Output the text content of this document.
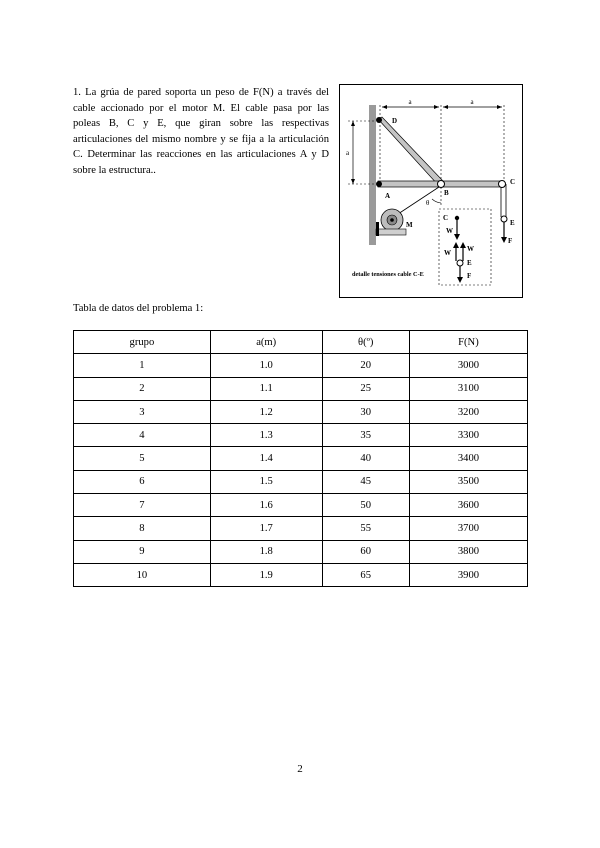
1. La grúa de pared soporta un peso de F(N) a través del cable accionado por el motor M. El cable pasa por las poleas B, C y E, que giran sobre las respectivas articulaciones del mismo nombre y se fija a la articulación C. Determinar las reacciones en las articulaciones A y D sobre la estructura..
a	a
a
D
A	B
C
E
F
θ
M
C
W
W W
E
F
detalle tensiones cable C-E
Tabla de datos del problema 1:
grupo	a(m)	θ(º)	F(N)
1	1.0	20	3000
2	1.1	25	3100
3	1.2	30	3200
4	1.3	35	3300
5	1.4	40	3400
6	1.5	45	3500
7	1.6	50	3600
8	1.7	55	3700
9	1.8	60	3800
10	1.9	65	3900
2
